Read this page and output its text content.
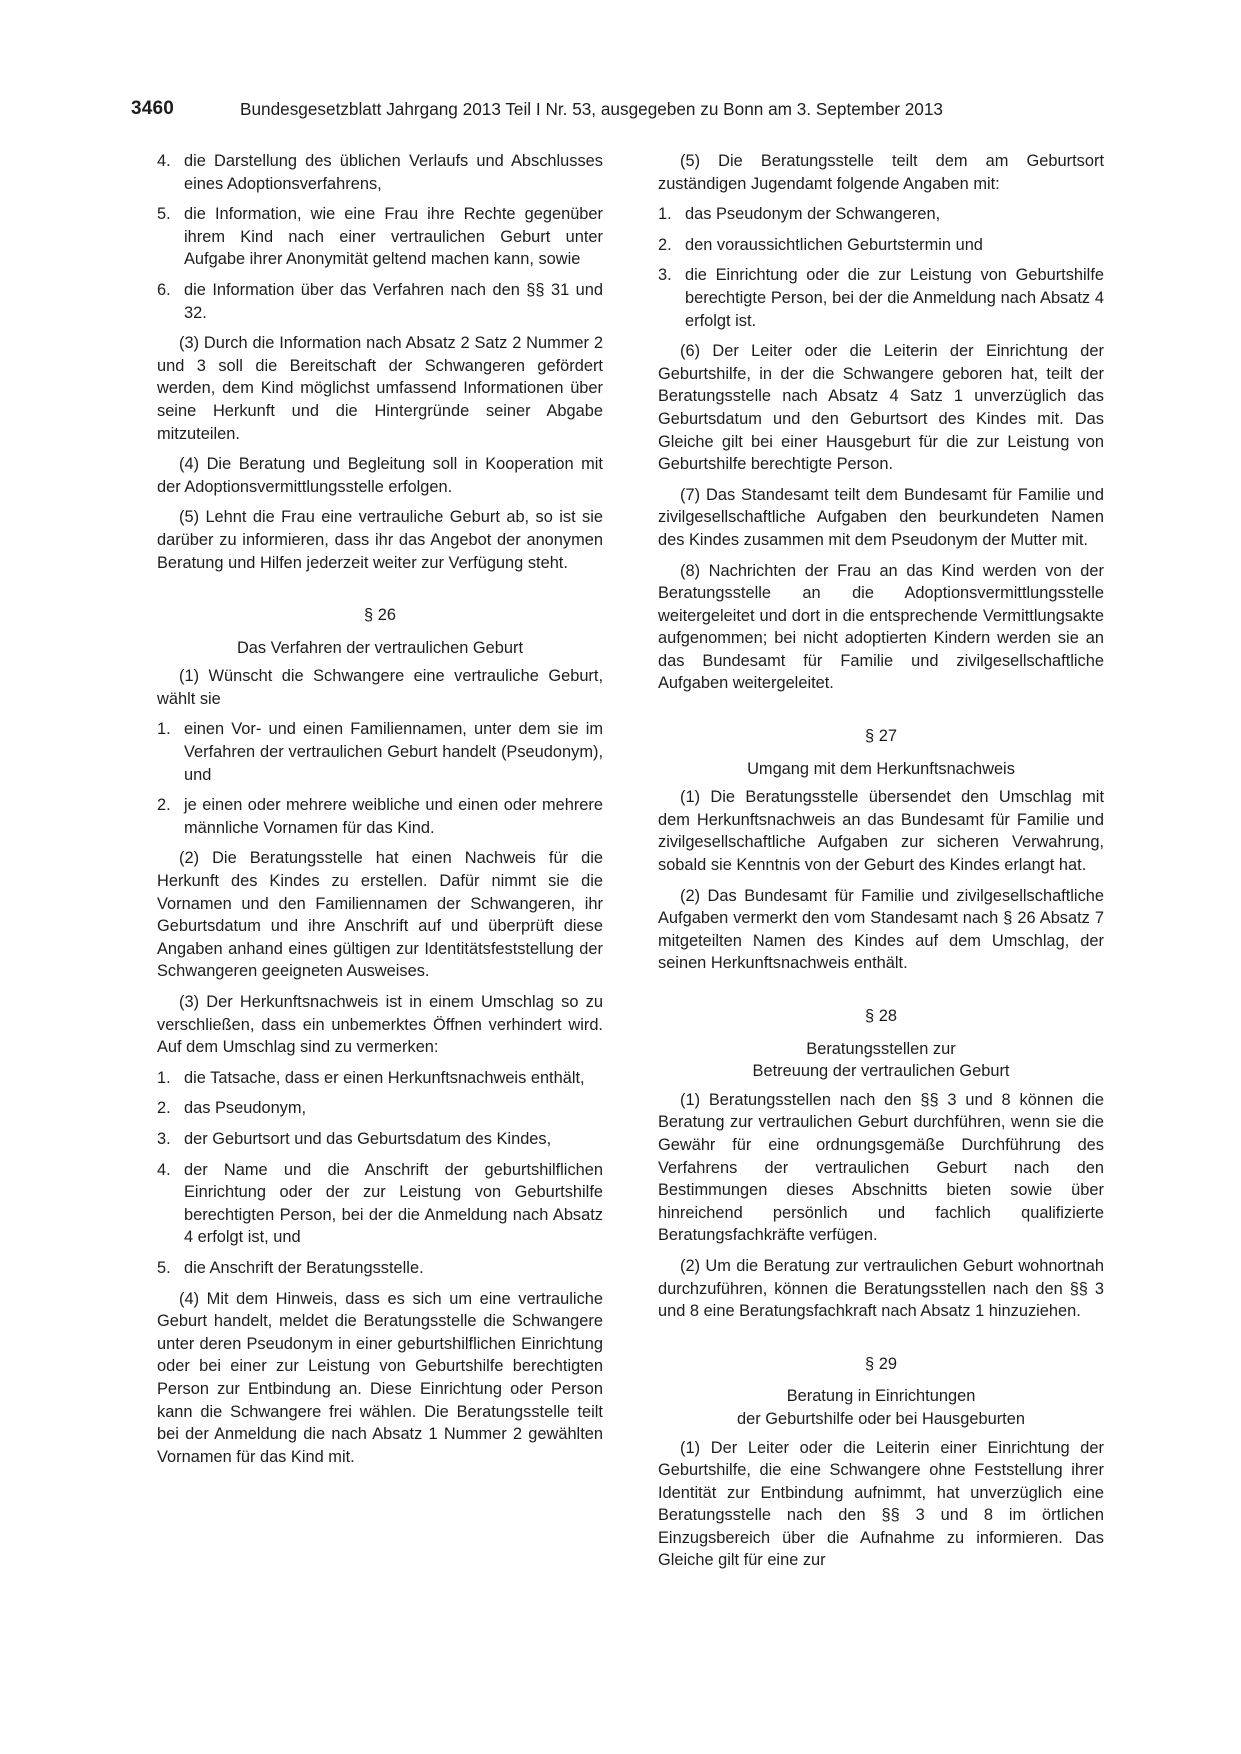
3460	Bundesgesetzblatt Jahrgang 2013 Teil I Nr. 53, ausgegeben zu Bonn am 3. September 2013
4. die Darstellung des üblichen Verlaufs und Abschlusses eines Adoptionsverfahrens,
5. die Information, wie eine Frau ihre Rechte gegenüber ihrem Kind nach einer vertraulichen Geburt unter Aufgabe ihrer Anonymität geltend machen kann, sowie
6. die Information über das Verfahren nach den §§ 31 und 32.

(3) Durch die Information nach Absatz 2 Satz 2 Nummer 2 und 3 soll die Bereitschaft der Schwangeren gefördert werden, dem Kind möglichst umfassend Informationen über seine Herkunft und die Hintergründe seiner Abgabe mitzuteilen.

(4) Die Beratung und Begleitung soll in Kooperation mit der Adoptionsvermittlungsstelle erfolgen.

(5) Lehnt die Frau eine vertrauliche Geburt ab, so ist sie darüber zu informieren, dass ihr das Angebot der anonymen Beratung und Hilfen jederzeit weiter zur Verfügung steht.

§ 26
Das Verfahren der vertraulichen Geburt

(1) Wünscht die Schwangere eine vertrauliche Geburt, wählt sie

1. einen Vor- und einen Familiennamen, unter dem sie im Verfahren der vertraulichen Geburt handelt (Pseudonym), und
2. je einen oder mehrere weibliche und einen oder mehrere männliche Vornamen für das Kind.

(2) Die Beratungsstelle hat einen Nachweis für die Herkunft des Kindes zu erstellen. Dafür nimmt sie die Vornamen und den Familiennamen der Schwangeren, ihr Geburtsdatum und ihre Anschrift auf und überprüft diese Angaben anhand eines gültigen zur Identitätsfeststellung der Schwangeren geeigneten Ausweises.

(3) Der Herkunftsnachweis ist in einem Umschlag so zu verschließen, dass ein unbemerktes Öffnen verhindert wird. Auf dem Umschlag sind zu vermerken:

1. die Tatsache, dass er einen Herkunftsnachweis enthält,
2. das Pseudonym,
3. der Geburtsort und das Geburtsdatum des Kindes,
4. der Name und die Anschrift der geburtshilflichen Einrichtung oder der zur Leistung von Geburtshilfe berechtigten Person, bei der die Anmeldung nach Absatz 4 erfolgt ist, und
5. die Anschrift der Beratungsstelle.

(4) Mit dem Hinweis, dass es sich um eine vertrauliche Geburt handelt, meldet die Beratungsstelle die Schwangere unter deren Pseudonym in einer geburtshilflichen Einrichtung oder bei einer zur Leistung von Geburtshilfe berechtigten Person zur Entbindung an. Diese Einrichtung oder Person kann die Schwangere frei wählen. Die Beratungsstelle teilt bei der Anmeldung die nach Absatz 1 Nummer 2 gewählten Vornamen für das Kind mit.

(5) Die Beratungsstelle teilt dem am Geburtsort zuständigen Jugendamt folgende Angaben mit:

1. das Pseudonym der Schwangeren,
2. den voraussichtlichen Geburtstermin und
3. die Einrichtung oder die zur Leistung von Geburtshilfe berechtigte Person, bei der die Anmeldung nach Absatz 4 erfolgt ist.

(6) Der Leiter oder die Leiterin der Einrichtung der Geburtshilfe, in der die Schwangere geboren hat, teilt der Beratungsstelle nach Absatz 4 Satz 1 unverzüglich das Geburtsdatum und den Geburtsort des Kindes mit. Das Gleiche gilt bei einer Hausgeburt für die zur Leistung von Geburtshilfe berechtigte Person.

(7) Das Standesamt teilt dem Bundesamt für Familie und zivilgesellschaftliche Aufgaben den beurkundeten Namen des Kindes zusammen mit dem Pseudonym der Mutter mit.

(8) Nachrichten der Frau an das Kind werden von der Beratungsstelle an die Adoptionsvermittlungsstelle weitergeleitet und dort in die entsprechende Vermittlungsakte aufgenommen; bei nicht adoptierten Kindern werden sie an das Bundesamt für Familie und zivilgesellschaftliche Aufgaben weitergeleitet.

§ 27
Umgang mit dem Herkunftsnachweis

(1) Die Beratungsstelle übersendet den Umschlag mit dem Herkunftsnachweis an das Bundesamt für Familie und zivilgesellschaftliche Aufgaben zur sicheren Verwahrung, sobald sie Kenntnis von der Geburt des Kindes erlangt hat.

(2) Das Bundesamt für Familie und zivilgesellschaftliche Aufgaben vermerkt den vom Standesamt nach § 26 Absatz 7 mitgeteilten Namen des Kindes auf dem Umschlag, der seinen Herkunftsnachweis enthält.

§ 28
Beratungsstellen zur
Betreuung der vertraulichen Geburt

(1) Beratungsstellen nach den §§ 3 und 8 können die Beratung zur vertraulichen Geburt durchführen, wenn sie die Gewähr für eine ordnungsgemäße Durchführung des Verfahrens der vertraulichen Geburt nach den Bestimmungen dieses Abschnitts bieten sowie über hinreichend persönlich und fachlich qualifizierte Beratungsfachkräfte verfügen.

(2) Um die Beratung zur vertraulichen Geburt wohnortnah durchzuführen, können die Beratungsstellen nach den §§ 3 und 8 eine Beratungsfachkraft nach Absatz 1 hinzuziehen.

§ 29
Beratung in Einrichtungen
der Geburtshilfe oder bei Hausgeburten

(1) Der Leiter oder die Leiterin einer Einrichtung der Geburtshilfe, die eine Schwangere ohne Feststellung ihrer Identität zur Entbindung aufnimmt, hat unverzüglich eine Beratungsstelle nach den §§ 3 und 8 im örtlichen Einzugsbereich über die Aufnahme zu informieren. Das Gleiche gilt für eine zur
